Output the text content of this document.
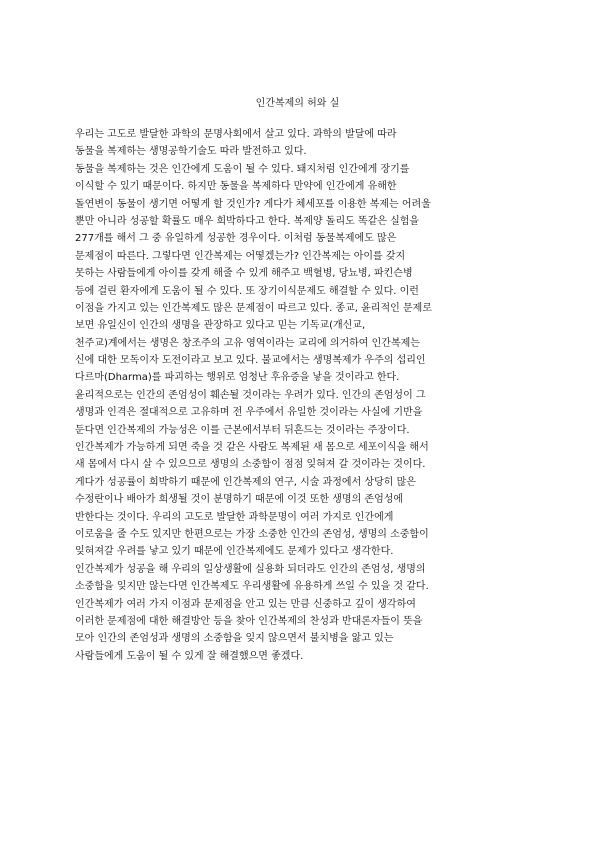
인간복제의 허와 실
우리는 고도로 발달한 과학의 문명사회에서 살고 있다. 과학의 발달에 따라
동물을 복제하는 생명공학기술도 따라 발전하고 있다.
동물을 복제하는 것은 인간에게 도움이 될 수 있다. 돼지처럼 인간에게 장기를
이식할 수 있기 때문이다. 하지만 동물을 복제하다 만약에 인간에게 유해한
돌연변이 동물이 생기면 어떻게 할 것인가? 게다가 체세포를 이용한 복제는 어려울
뿐만 아니라 성공할 확률도 매우 희박하다고 한다. 복제양 돌리도 똑같은 실험을
277개를 해서 그 중 유일하게 성공한 경우이다. 이처럼 동물복제에도 많은
문제점이 따른다. 그렇다면 인간복제는 어떻겠는가? 인간복제는 아이를 갖지
못하는 사람들에게 아이를 갖게 해줄 수 있게 해주고 백혈병, 당뇨병, 파킨슨병
등에 걸린 환자에게 도움이 될 수 있다. 또 장기이식문제도 해결할 수 있다. 이런
이점을 가지고 있는 인간복제도 많은 문제점이 따르고 있다. 종교, 윤리적인 문제로
보면 유일신이 인간의 생명을 관장하고 있다고 믿는 기독교(개신교,
천주교)계에서는 생명은 창조주의 고유 영역이라는 교리에 의거하여 인간복제는
신에 대한 모독이자 도전이라고 보고 있다. 불교에서는 생명복제가 우주의 섭리인
다르마(Dharma)를 파괴하는 행위로 엄청난 후유증을 낳을 것이라고 한다.
윤리적으로는 인간의 존엄성이 훼손될 것이라는 우려가 있다. 인간의 존엄성이 그
생명과 인격은 절대적으로 고유하며 전 우주에서 유일한 것이라는 사실에 기반을
둔다면 인간복제의 가능성은 이를 근본에서부터 뒤흔드는 것이라는 주장이다.
인간복제가 가능하게 되면 죽을 것 같은 사람도 복제된 새 몸으로 세포이식을 해서
새 몸에서 다시 살 수 있으므로 생명의 소중함이 점점 잊혀져 갈 것이라는 것이다.
게다가 성공률이 희박하기 때문에 인간복제의 연구, 시술 과정에서 상당히 많은
수정란이나 배아가 희생될 것이 분명하기 때문에 이것 또한 생명의 존엄성에
반한다는 것이다. 우리의 고도로 발달한 과학문명이 여러 가지로 인간에게
이로움을 줄 수도 있지만 한편으로는 가장 소중한 인간의 존엄성, 생명의 소중함이
잊혀져갈 우려를 낳고 있기 때문에 인간복제에도 문제가 있다고 생각한다.
인간복제가 성공을 해 우리의 일상생활에 실용화 되더라도 인간의 존엄성, 생명의
소중함을 잊지만 않는다면 인간복제도 우리생활에 유용하게 쓰일 수 있을 것 같다.
인간복제가 여러 가지 이점과 문제점을 안고 있는 만큼 신중하고 깊이 생각하여
이러한 문제점에 대한 해결방안 등을 찾아 인간복제의 찬성과 반대론자들이 뜻을
모아 인간의 존엄성과 생명의 소중함을 잊지 않으면서 불치병을 앓고 있는
사람들에게 도움이 될 수 있게 잘 해결했으면 좋겠다.
